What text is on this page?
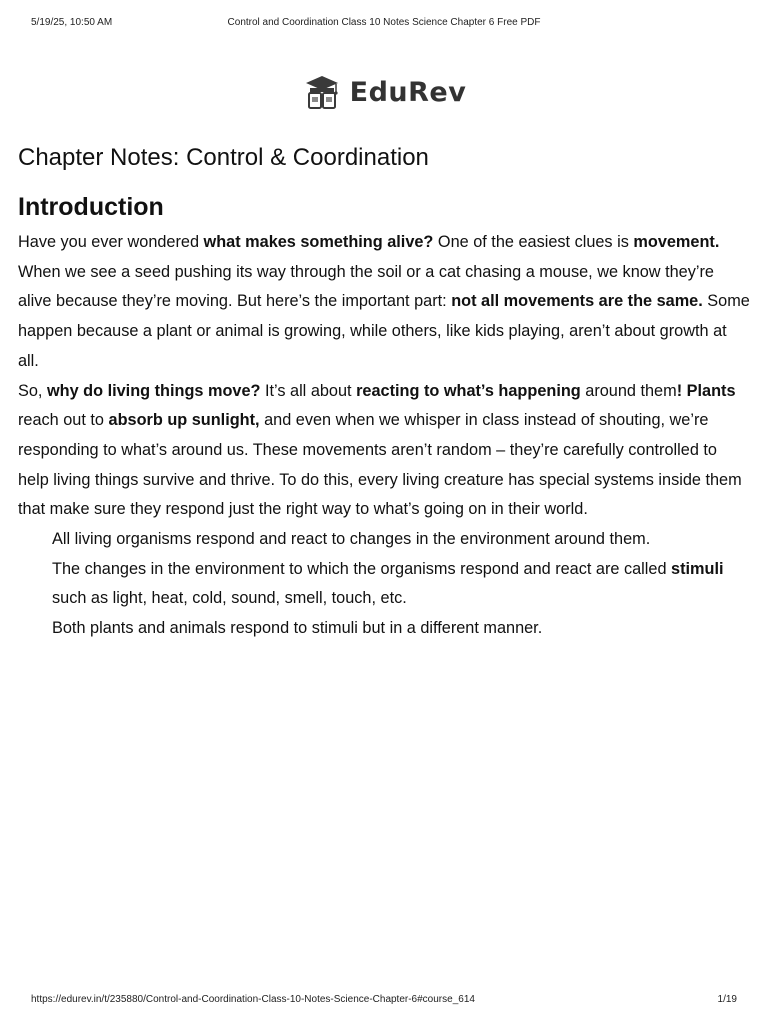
5/19/25, 10:50 AM	Control and Coordination Class 10 Notes Science Chapter 6 Free PDF
EduRev
Chapter Notes: Control & Coordination
Introduction

Have you ever wondered what makes something alive? One of the easiest clues is movement. When we see a seed pushing its way through the soil or a cat chasing a mouse, we know they’re alive because they’re moving. But here’s the important part: not all movements are the same. Some happen because a plant or animal is growing, while others, like kids playing, aren’t about growth at all.

So, why do living things move? It’s all about reacting to what’s happening around them! Plants reach out to absorb up sunlight, and even when we whisper in class instead of shouting, we’re responding to what’s around us. These movements aren’t random – they’re carefully controlled to help living things survive and thrive. To do this, every living creature has special systems inside them that make sure they respond just the right way to what’s going on in their world.

All living organisms respond and react to changes in the environment around them.
The changes in the environment to which the organisms respond and react are called stimuli such as light, heat, cold, sound, smell, touch, etc.
Both plants and animals respond to stimuli but in a different manner.
https://edurev.in/t/235880/Control-and-Coordination-Class-10-Notes-Science-Chapter-6#course_614	1/19
